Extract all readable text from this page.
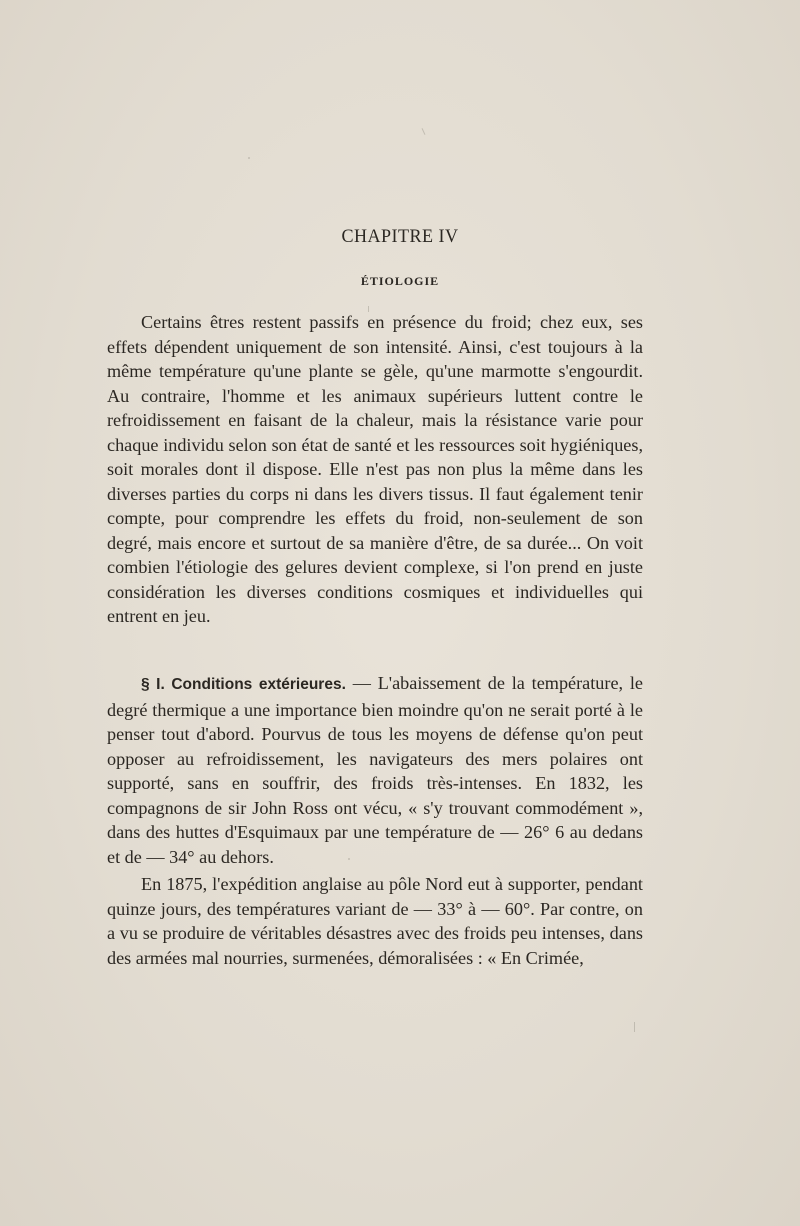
CHAPITRE IV
ÉTIOLOGIE

Certains êtres restent passifs en présence du froid; chez eux, ses effets dépendent uniquement de son intensité. Ainsi, c'est toujours à la même température qu'une plante se gèle, qu'une marmotte s'engourdit. Au contraire, l'homme et les animaux supérieurs luttent contre le refroidissement en faisant de la chaleur, mais la résistance varie pour chaque individu selon son état de santé et les ressources soit hygiéniques, soit morales dont il dispose. Elle n'est pas non plus la même dans les diverses parties du corps ni dans les divers tissus. Il faut également tenir compte, pour comprendre les effets du froid, non-seulement de son degré, mais encore et surtout de sa manière d'être, de sa durée... On voit combien l'étiologie des gelures devient complexe, si l'on prend en juste considération les diverses conditions cosmiques et individuelles qui entrent en jeu.

§ I. Conditions extérieures. — L'abaissement de la température, le degré thermique a une importance bien moindre qu'on ne serait porté à le penser tout d'abord. Pourvus de tous les moyens de défense qu'on peut opposer au refroidissement, les navigateurs des mers polaires ont supporté, sans en souffrir, des froids très-intenses. En 1832, les compagnons de sir John Ross ont vécu, « s'y trouvant commodément », dans des huttes d'Esquimaux par une température de — 26° 6 au dedans et de — 34° au dehors.

En 1875, l'expédition anglaise au pôle Nord eut à supporter, pendant quinze jours, des températures variant de — 33° à — 60°. Par contre, on a vu se produire de véritables désastres avec des froids peu intenses, dans des armées mal nourries, surmenées, démoralisées : « En Crimée,
